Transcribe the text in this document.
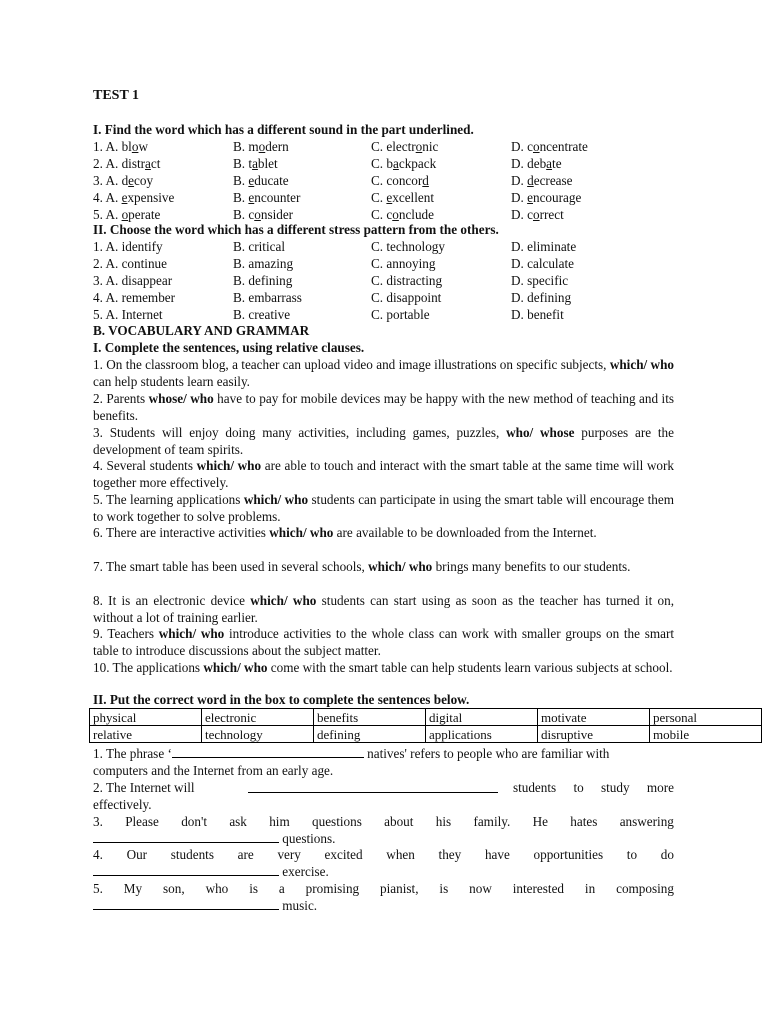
TEST 1
I. Find the word which has a different sound in the part underlined.
1. A. blow	B. modern	C. electronic	D. concentrate
2. A. distract	B. tablet	C. backpack	D. debate
3. A. decoy	B. educate	C. concord	D. decrease
4. A. expensive	B. encounter	C. excellent	D. encourage
5. A. operate	B. consider	C. conclude	D. correct
II. Choose the word which has a different stress pattern from the others.
1. A. identify	B. critical	C. technology	D. eliminate
2. A. continue	B. amazing	C. annoying	D. calculate
3. A. disappear	B. defining	C. distracting	D. specific
4. A. remember	B. embarrass	C. disappoint	D. defining
5. A. Internet	B. creative	C. portable	D. benefit
B. VOCABULARY AND GRAMMAR
I. Complete the sentences, using relative clauses.
1. On the classroom blog, a teacher can upload video and image illustrations on specific subjects, which/ who can help students learn easily.
2. Parents whose/ who have to pay for mobile devices may be happy with the new method of teaching and its benefits.
3. Students will enjoy doing many activities, including games, puzzles, who/ whose purposes are the development of team spirits.
4. Several students which/ who are able to touch and interact with the smart table at the same time will work together more effectively.
5. The learning applications which/ who students can participate in using the smart table will encourage them to work together to solve problems.
6. There are interactive activities which/ who are available to be downloaded from the Internet.
7. The smart table has been used in several schools, which/ who brings many benefits to our students.
8. It is an electronic device which/ who students can start using as soon as the teacher has turned it on, without a lot of training earlier.
9. Teachers which/ who introduce activities to the whole class can work with smaller groups on the smart table to introduce discussions about the subject matter.
10. The applications which/ who come with the smart table can help students learn various subjects at school.
II. Put the correct word in the box to complete the sentences below.
physical	electronic	benefits	digital	motivate	personal
relative	technology	defining	applications	disruptive	mobile
1. The phrase ‘	natives' refers to people who are familiar with
computers and the Internet from an early age.
2. The Internet will	students to study more
effectively.
3. Please don't ask him questions about his family. He hates answering
questions.
4. Our students are very excited when they have opportunities to do
exercise.
5. My son, who is a promising pianist, is now interested in composing
music.
